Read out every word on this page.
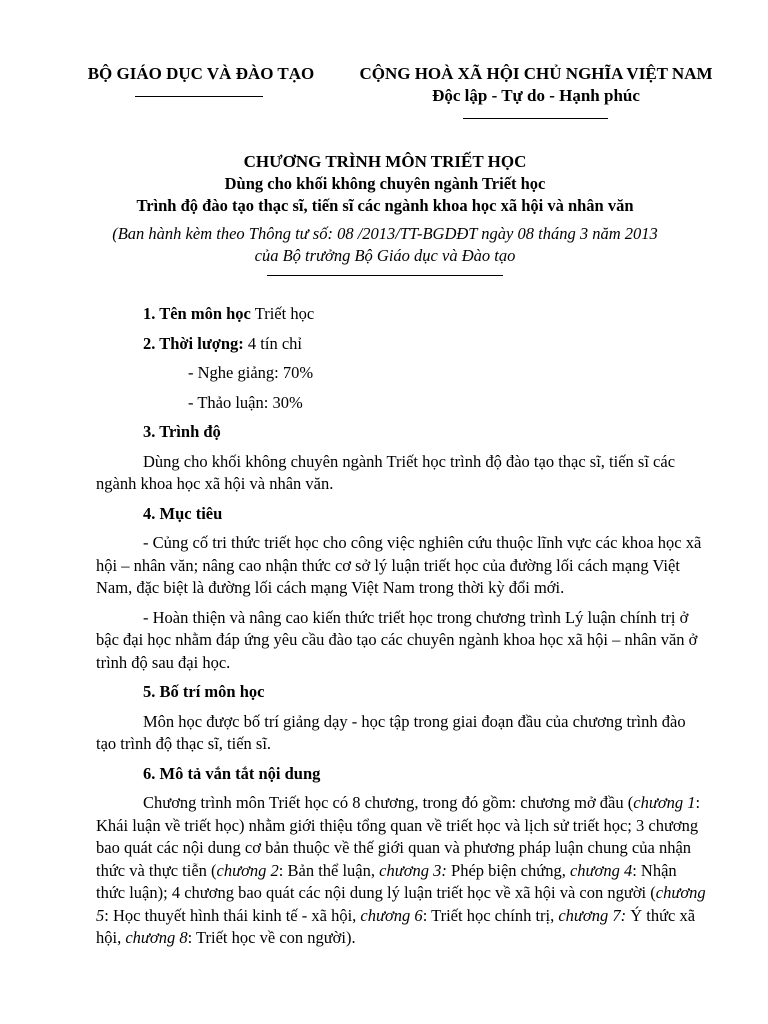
BỘ GIÁO DỤC VÀ ĐÀO TẠO	CỘNG HOÀ XÃ HỘI CHỦ NGHĨA VIỆT NAM
Độc lập - Tự do - Hạnh phúc
CHƯƠNG TRÌNH MÔN TRIẾT HỌC
Dùng cho khối không chuyên ngành Triết học
Trình độ đào tạo thạc sĩ, tiến sĩ các ngành khoa học xã hội và nhân văn
(Ban hành kèm theo Thông tư số: 08 /2013/TT-BGDĐT ngày 08 tháng 3 năm 2013
của Bộ trưởng Bộ Giáo dục và Đào tạo
1. Tên môn học Triết học
2. Thời lượng: 4 tín chỉ
- Nghe giảng: 70%
- Thảo luận: 30%
3. Trình độ
Dùng cho khối không chuyên ngành Triết học trình độ đào tạo thạc sĩ, tiến sĩ các ngành khoa học xã hội và nhân văn.
4. Mục tiêu
- Củng cố tri thức triết học cho công việc nghiên cứu thuộc lĩnh vực các khoa học xã hội – nhân văn; nâng cao nhận thức cơ sở lý luận triết học của đường lối cách mạng Việt Nam, đặc biệt là đường lối cách mạng Việt Nam trong thời kỳ đổi mới.
- Hoàn thiện và nâng cao kiến thức triết học trong chương trình Lý luận chính trị ở bậc đại học nhằm đáp ứng yêu cầu đào tạo các chuyên ngành khoa học xã hội – nhân văn ở trình độ sau đại học.
5. Bố trí môn học
Môn học được bố trí giảng dạy - học tập trong giai đoạn đầu của chương trình đào tạo trình độ thạc sĩ, tiến sĩ.
6. Mô tả vắn tắt nội dung
Chương trình môn Triết học có 8 chương, trong đó gồm: chương mở đầu (chương 1: Khái luận về triết học) nhằm giới thiệu tổng quan về triết học và lịch sử triết học; 3 chương bao quát các nội dung cơ bản thuộc về thế giới quan và phương pháp luận chung của nhận thức và thực tiễn (chương 2: Bản thể luận, chương 3: Phép biện chứng, chương 4: Nhận thức luận); 4 chương bao quát các nội dung lý luận triết học về xã hội và con người (chương 5: Học thuyết hình thái kinh tế - xã hội, chương 6: Triết học chính trị, chương 7: Ý thức xã hội, chương 8: Triết học về con người).
